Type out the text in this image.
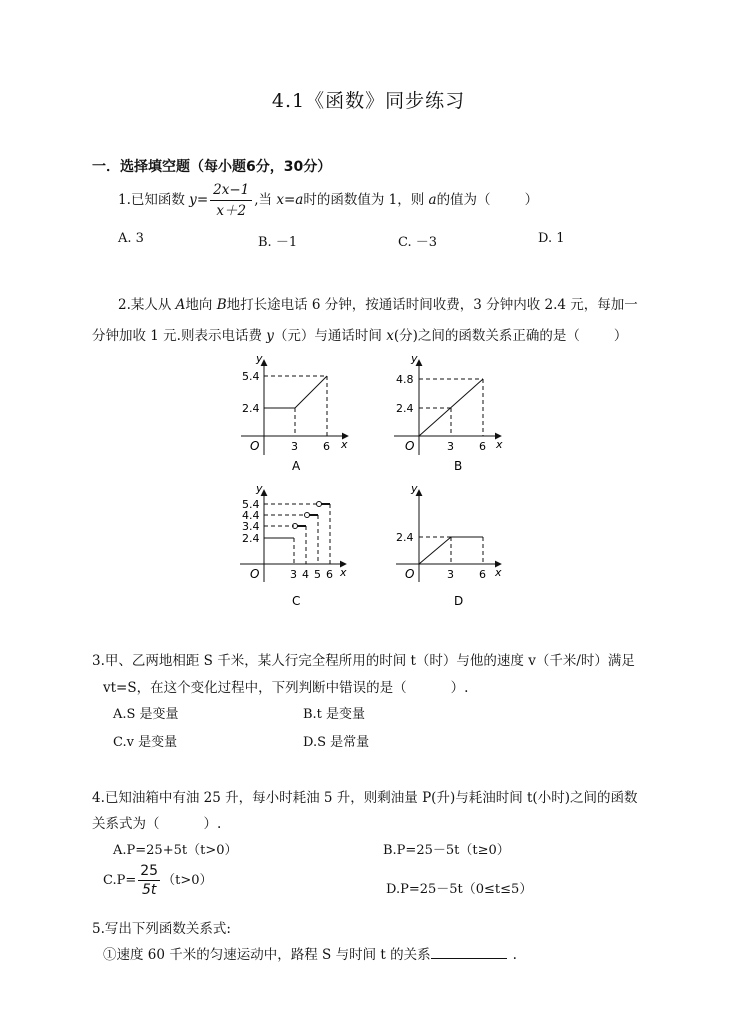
4.1《函数》同步练习
一．选择填空题（每小题6分，30分）
1.已知函数 $y= \frac{2x-1}{x+2}$ ,当 x=a时的函数值为 1，则 a的值为（	）
A. 3	B. －1	C. －3	D. 1
2.某人从 A地向 B地打长途电话 6 分钟，按通话时间收费，3 分钟内收 2.4 元，每加一
分钟加收 1 元.则表示电话费 y（元）与通话时间 x(分)之间的函数关系正确的是（	）
y
x
O
5.4
2.4
3 6
A
y
x
O
4.8
2.4
3 6
B
y
x
O
5.4
4.4
3.4
2.4
3 4 5 6
C
y
x
O
2.4
3 6
D
3.甲、乙两地相距 S 千米，某人行完全程所用的时间 t（时）与他的速度 v（千米/时）满足
vt=S，在这个变化过程中，下列判断中错误的是（	）.
A.S 是变量	B.t 是变量
C.v 是变量	D.S 是常量
4.已知油箱中有油 25 升，每小时耗油 5 升，则剩油量 P(升)与耗油时间 t(小时)之间的函数
关系式为（	）.
A.P=25+5t（t>0）	B.P=25－5t（t≥0）
$C.P= \frac{25}{5t} (t>0)$
D.P=25－5t（0≤t≤5）
5.写出下列函数关系式:
①速度 60 千米的匀速运动中，路程 S 与时间 t 的关系	.
